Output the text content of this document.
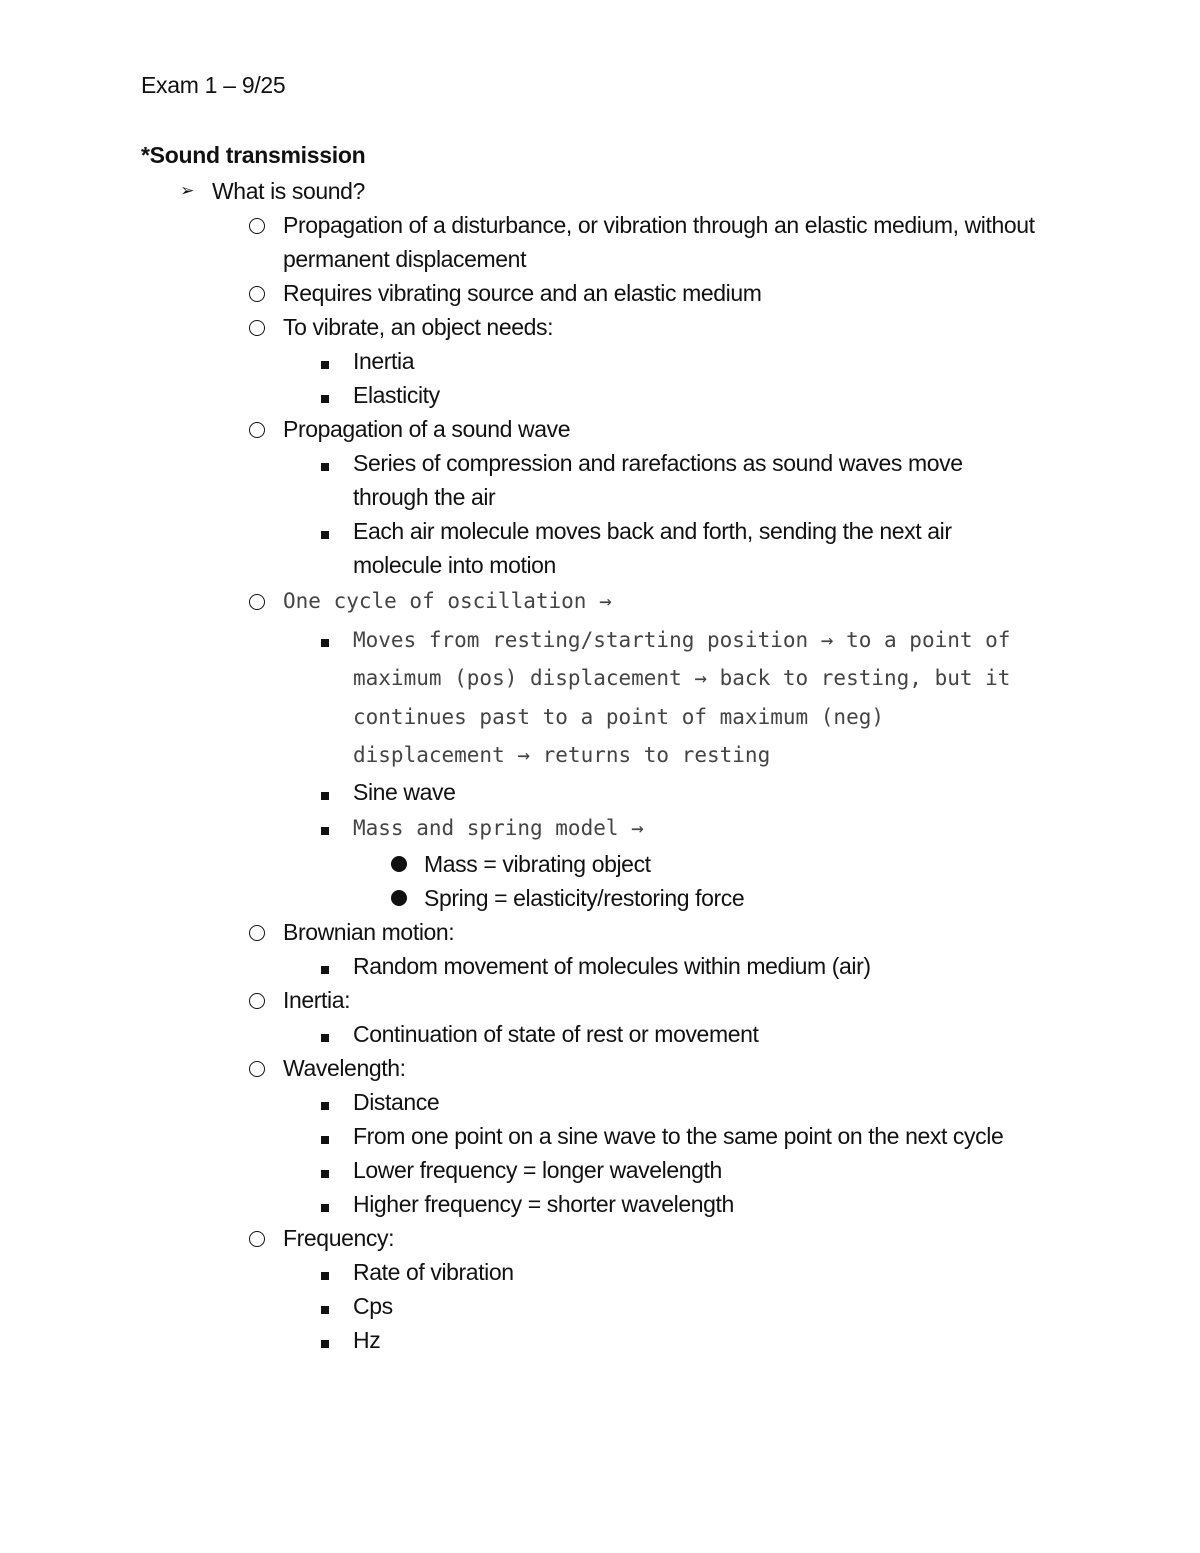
Exam 1 – 9/25
*Sound transmission
➢ What is sound?
Propagation of a disturbance, or vibration through an elastic medium, without permanent displacement
Requires vibrating source and an elastic medium
To vibrate, an object needs:
Inertia
Elasticity
Propagation of a sound wave
Series of compression and rarefactions as sound waves move through the air
Each air molecule moves back and forth, sending the next air molecule into motion
One cycle of oscillation →
Moves from resting/starting position → to a point of maximum (pos) displacement → back to resting, but it continues past to a point of maximum (neg) displacement → returns to resting
Sine wave
Mass and spring model →
Mass = vibrating object
Spring = elasticity/restoring force
Brownian motion:
Random movement of molecules within medium (air)
Inertia:
Continuation of state of rest or movement
Wavelength:
Distance
From one point on a sine wave to the same point on the next cycle
Lower frequency = longer wavelength
Higher frequency = shorter wavelength
Frequency:
Rate of vibration
Cps
Hz
